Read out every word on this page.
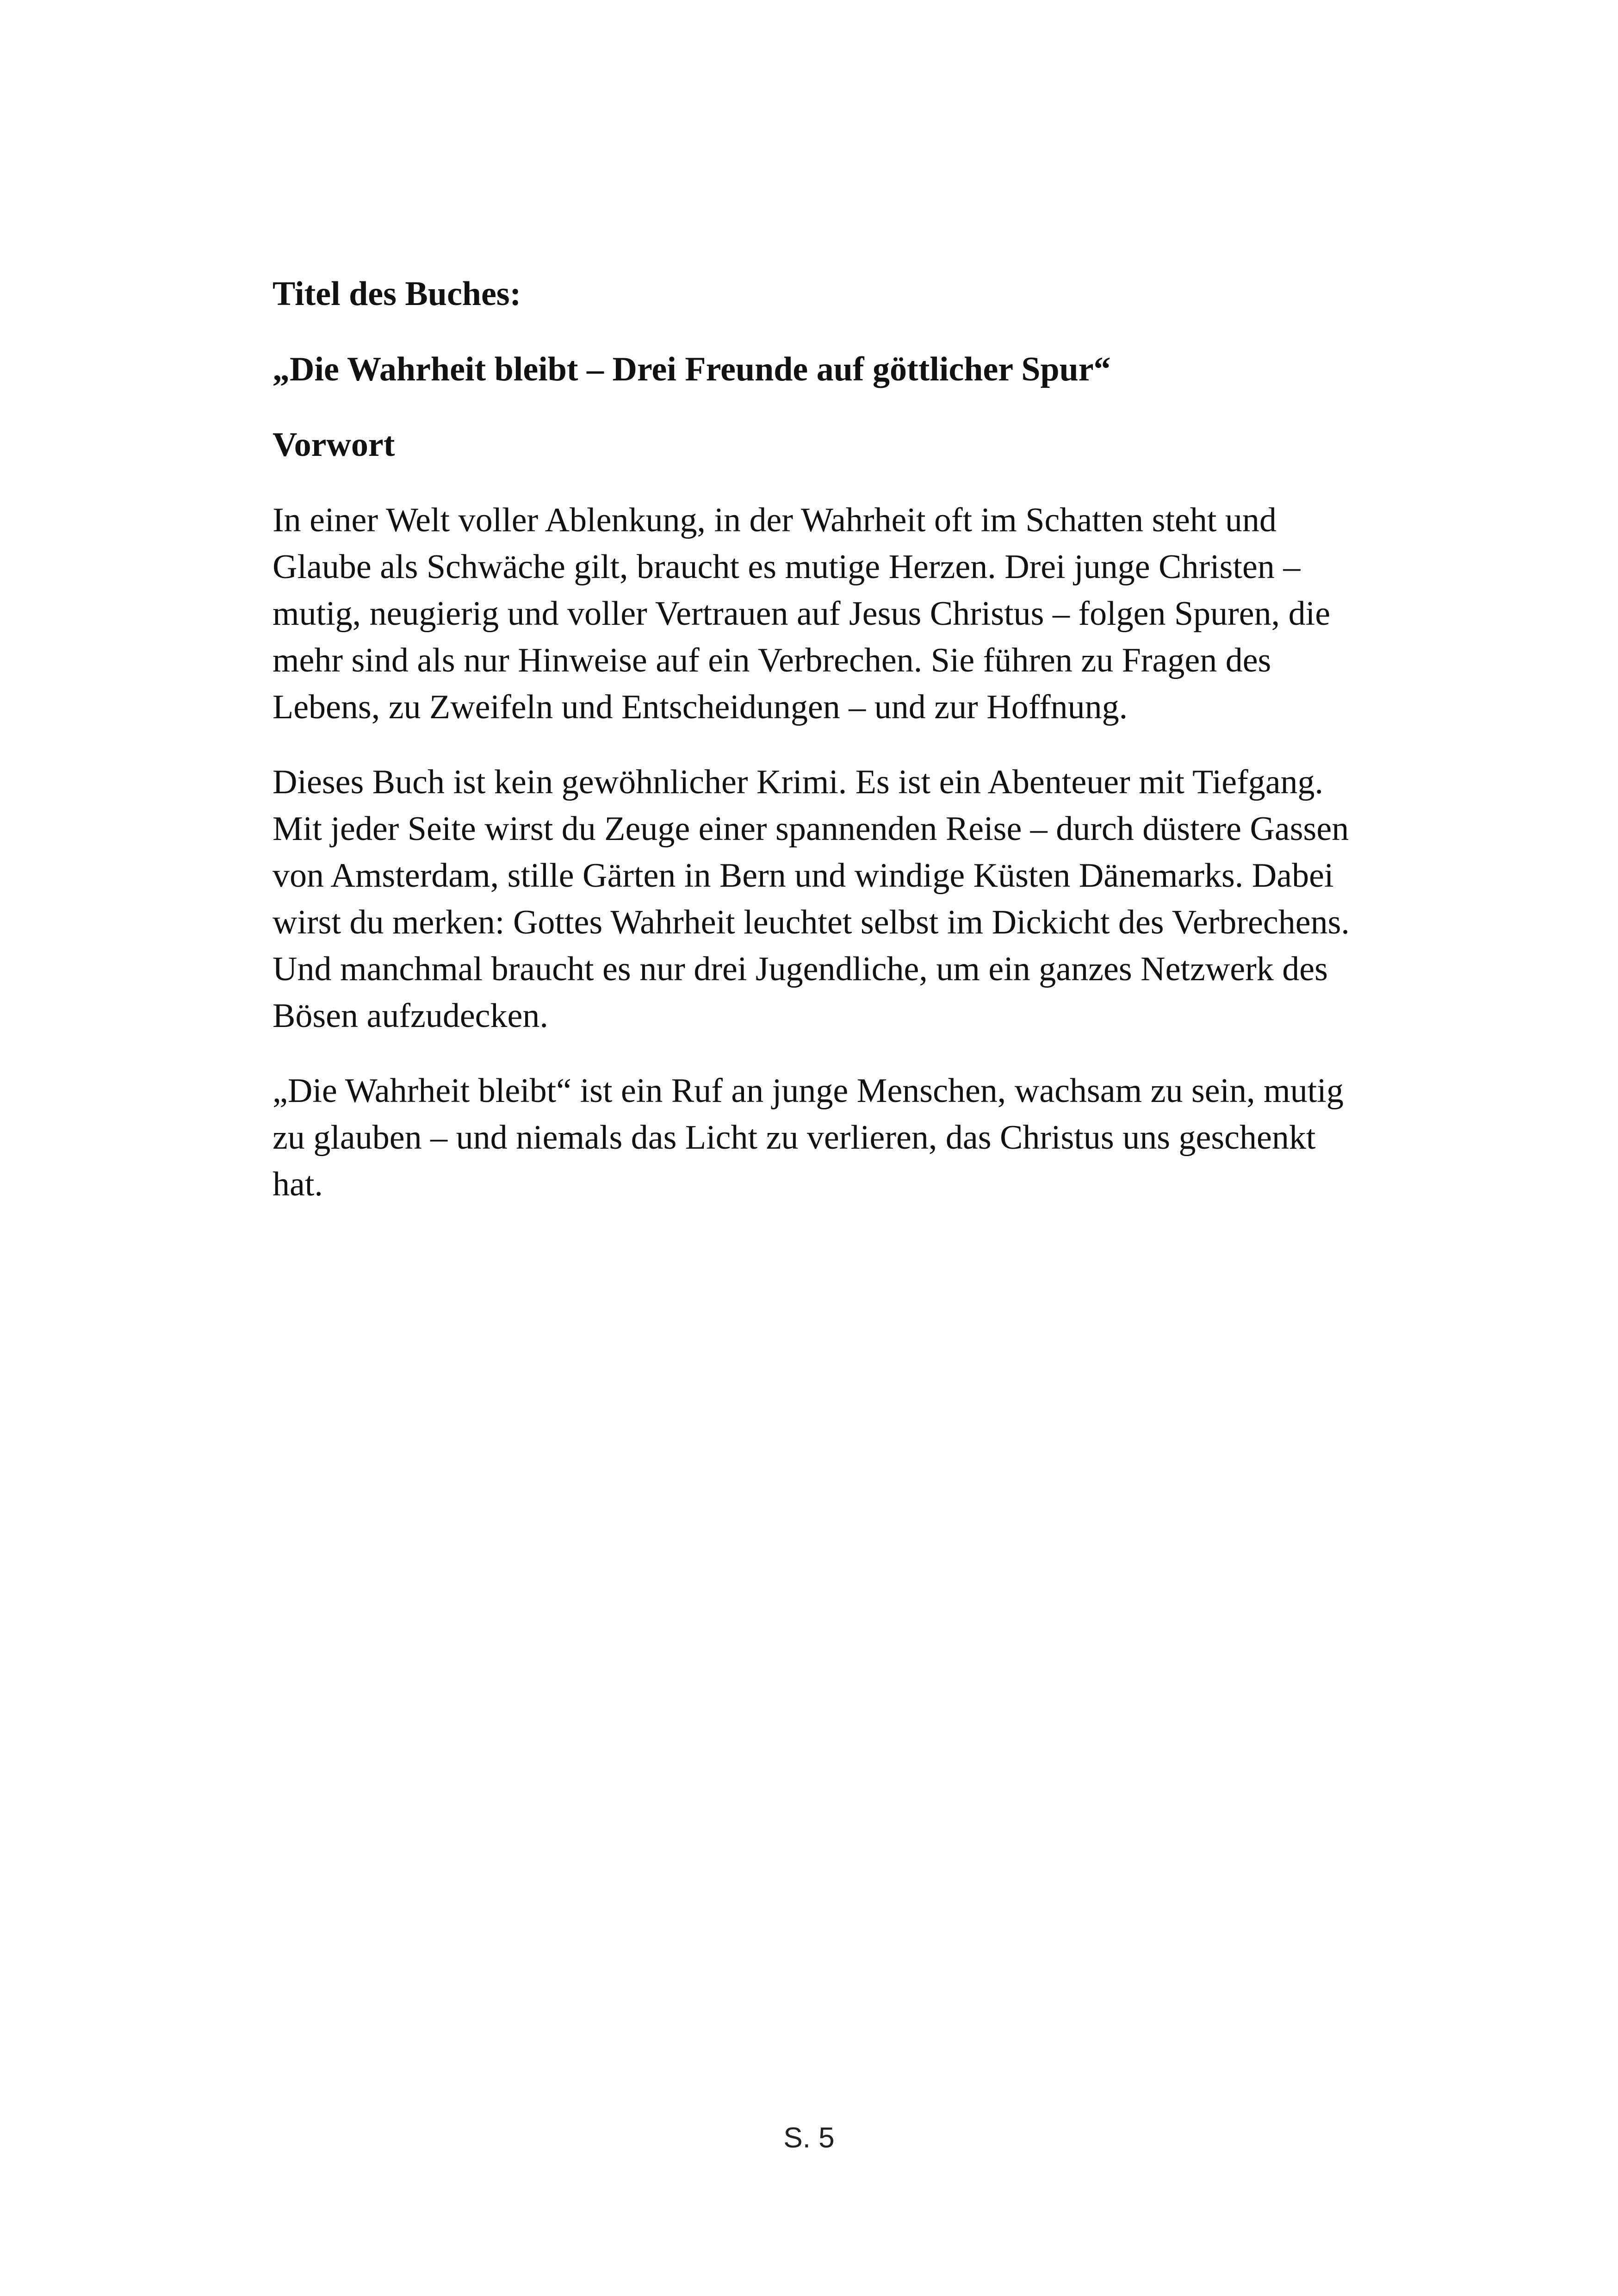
Titel des Buches:

„Die Wahrheit bleibt – Drei Freunde auf göttlicher Spur“

Vorwort

In einer Welt voller Ablenkung, in der Wahrheit oft im Schatten steht und Glaube als Schwäche gilt, braucht es mutige Herzen. Drei junge Christen – mutig, neugierig und voller Vertrauen auf Jesus Christus – folgen Spuren, die mehr sind als nur Hinweise auf ein Verbrechen. Sie führen zu Fragen des Lebens, zu Zweifeln und Entscheidungen – und zur Hoffnung.

Dieses Buch ist kein gewöhnlicher Krimi. Es ist ein Abenteuer mit Tiefgang. Mit jeder Seite wirst du Zeuge einer spannenden Reise – durch düstere Gassen von Amsterdam, stille Gärten in Bern und windige Küsten Dänemarks. Dabei wirst du merken: Gottes Wahrheit leuchtet selbst im Dickicht des Verbrechens. Und manchmal braucht es nur drei Jugendliche, um ein ganzes Netzwerk des Bösen aufzudecken.

„Die Wahrheit bleibt“ ist ein Ruf an junge Menschen, wachsam zu sein, mutig zu glauben – und niemals das Licht zu verlieren, das Christus uns geschenkt hat.

S. 5
